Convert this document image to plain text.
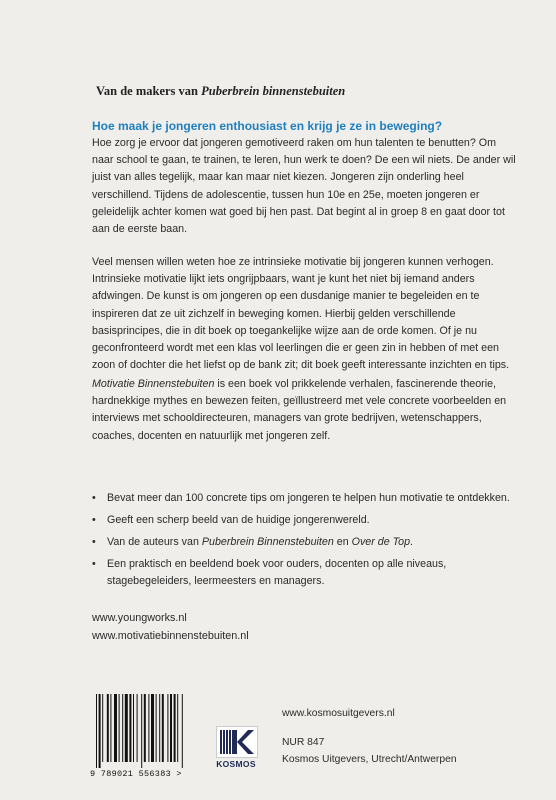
Van de makers van Puberbrein binnenstebuiten
Hoe maak je jongeren enthousiast en krijg je ze in beweging?
Hoe zorg je ervoor dat jongeren gemotiveerd raken om hun talenten te benutten? Om naar school te gaan, te trainen, te leren, hun werk te doen? De een wil niets. De ander wil juist van alles tegelijk, maar kan maar niet kiezen. Jongeren zijn onderling heel verschillend. Tijdens de adolescentie, tussen hun 10e en 25e, moeten jongeren er geleidelijk achter komen wat goed bij hen past. Dat begint al in groep 8 en gaat door tot aan de eerste baan.
Veel mensen willen weten hoe ze intrinsieke motivatie bij jongeren kunnen verhogen. Intrinsieke motivatie lijkt iets ongrijpbaars, want je kunt het niet bij iemand anders afdwingen. De kunst is om jongeren op een dusdanige manier te begeleiden en te inspireren dat ze uit zichzelf in beweging komen. Hierbij gelden verschillende basisprincipes, die in dit boek op toegankelijke wijze aan de orde komen. Of je nu geconfronteerd wordt met een klas vol leerlingen die er geen zin in hebben of met een zoon of dochter die het liefst op de bank zit; dit boek geeft interessante inzichten en tips.
Motivatie Binnenstebuiten is een boek vol prikkelende verhalen, fascinerende theorie, hardnekkige mythes en bewezen feiten, geïllustreerd met vele concrete voorbeelden en interviews met schooldirecteuren, managers van grote bedrijven, wetenschappers, coaches, docenten en natuurlijk met jongeren zelf.
•	Bevat meer dan 100 concrete tips om jongeren te helpen hun motivatie te ontdekken.
•	Geeft een scherp beeld van de huidige jongerenwereld.
•	Van de auteurs van Puberbrein Binnenstebuiten en Over de Top.
•	Een praktisch en beeldend boek voor ouders, docenten op alle niveaus, stagebegeleiders, leermeesters en managers.
www.youngworks.nl
www.motivatiebinnenstebuiten.nl
9 789021 556383 >
KOSMOS
www.kosmosuitgevers.nl
NUR 847
Kosmos Uitgevers, Utrecht/Antwerpen
